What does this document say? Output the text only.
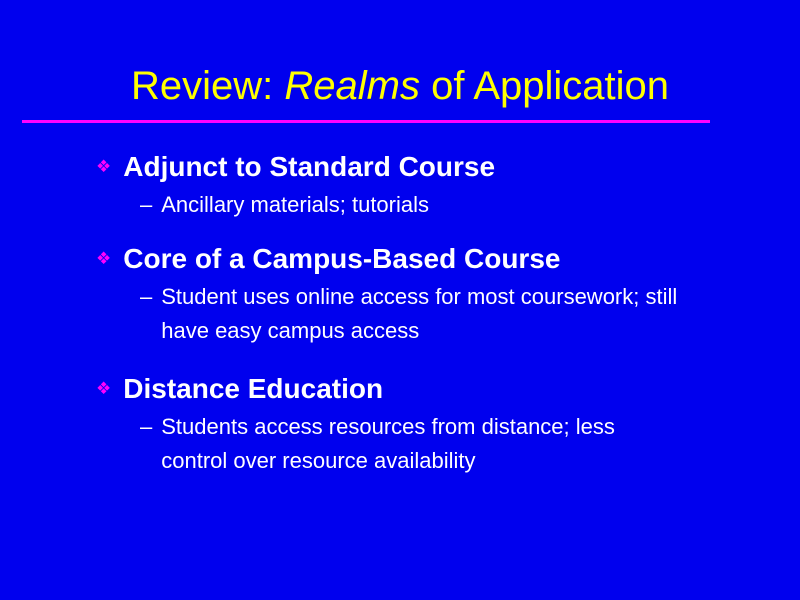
Review: Realms of Application
❖ Adjunct to Standard Course
– Ancillary materials; tutorials
❖ Core of a Campus-Based Course
– Student uses online access for most coursework; still have easy campus access
❖ Distance Education
– Students access resources from distance; less control over resource availability
